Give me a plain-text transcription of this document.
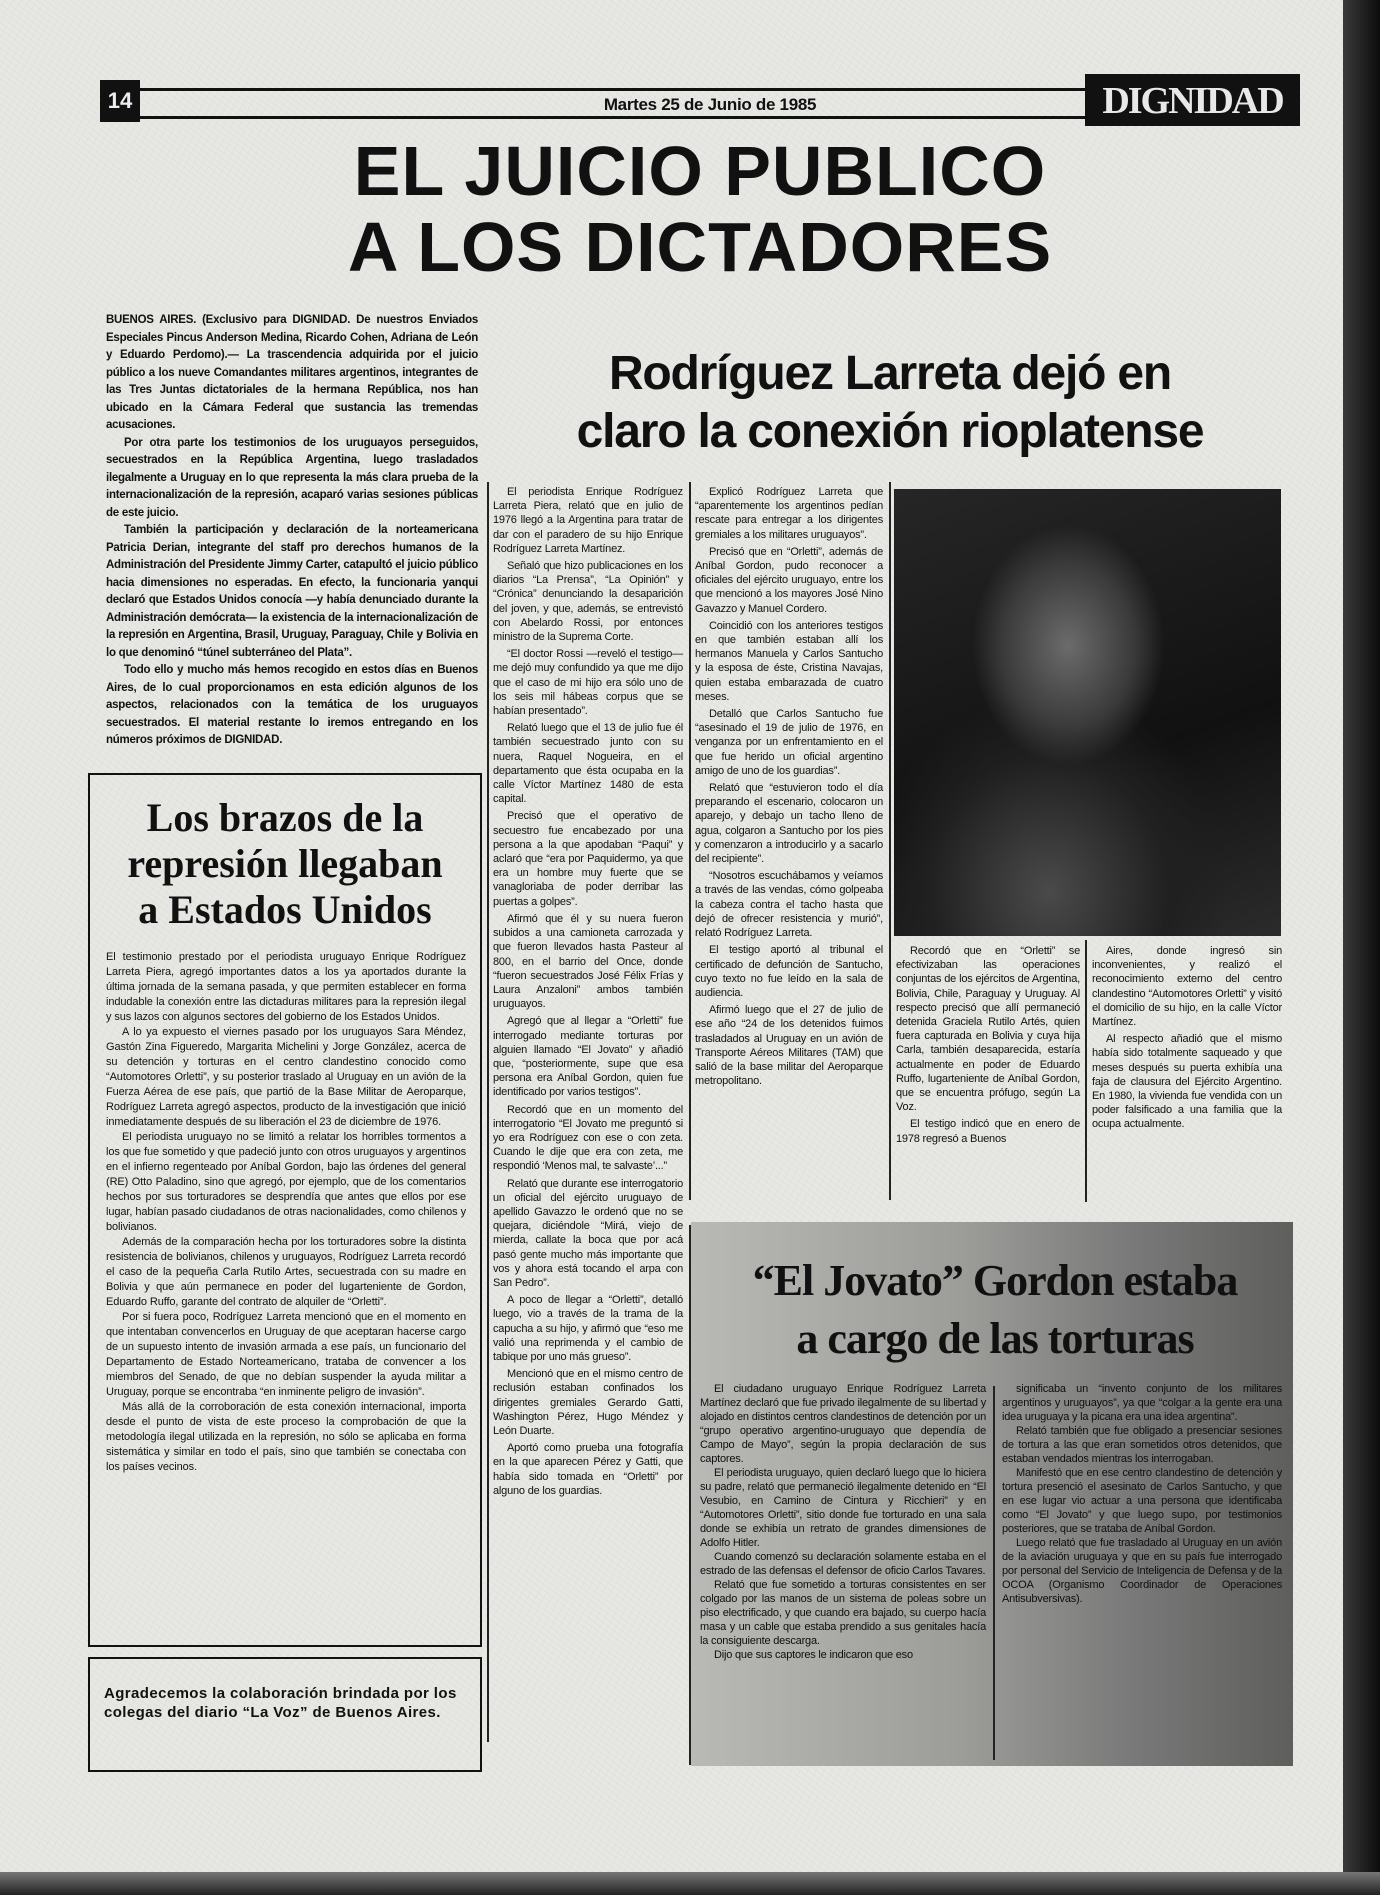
14	Martes 25 de Junio de 1985	DIGNIDAD
EL JUICIO PUBLICO
A LOS DICTADORES

BUENOS AIRES. (Exclusivo para DIGNIDAD. De nuestros Enviados Especiales Pincus Anderson Medina, Ricardo Cohen, Adriana de León y Eduardo Perdomo).— La trascendencia adquirida por el juicio público a los nueve Comandantes militares argentinos, integrantes de las Tres Juntas dictatoriales de la hermana República, nos han ubicado en la Cámara Federal que sustancia las tremendas acusaciones.

Por otra parte los testimonios de los uruguayos perseguidos, secuestrados en la República Argentina, luego trasladados ilegalmente a Uruguay en lo que representa la más clara prueba de la internacionalización de la represión, acaparó varias sesiones públicas de este juicio.

También la participación y declaración de la norteamericana Patricia Derian, integrante del staff pro derechos humanos de la Administración del Presidente Jimmy Carter, catapultó el juicio público hacia dimensiones no esperadas. En efecto, la funcionaria yanqui declaró que Estados Unidos conocía —y había denunciado durante la Administración demócrata— la existencia de la internacionalización de la represión en Argentina, Brasil, Uruguay, Paraguay, Chile y Bolivia en lo que denominó “túnel subterráneo del Plata”.

Todo ello y mucho más hemos recogido en estos días en Buenos Aires, de lo cual proporcionamos en esta edición algunos de los aspectos, relacionados con la temática de los uruguayos secuestrados. El material restante lo iremos entregando en los números próximos de DIGNIDAD.

Los brazos de la
represión llegaban
a Estados Unidos

El testimonio prestado por el periodista uruguayo Enrique Rodríguez Larreta Piera, agregó importantes datos a los ya aportados durante la última jornada de la semana pasada, y que permiten establecer en forma indudable la conexión entre las dictaduras militares para la represión ilegal y sus lazos con algunos sectores del gobierno de los Estados Unidos.

A lo ya expuesto el viernes pasado por los uruguayos Sara Méndez, Gastón Zina Figueredo, Margarita Michelini y Jorge González, acerca de su detención y torturas en el centro clandestino conocido como “Automotores Orletti”, y su posterior traslado al Uruguay en un avión de la Fuerza Aérea de ese país, que partió de la Base Militar de Aeroparque, Rodríguez Larreta agregó aspectos, producto de la investigación que inició inmediatamente después de su liberación el 23 de diciembre de 1976.

El periodista uruguayo no se limitó a relatar los horribles tormentos a los que fue sometido y que padeció junto con otros uruguayos y argentinos en el infierno regenteado por Aníbal Gordon, bajo las órdenes del general (RE) Otto Paladino, sino que agregó, por ejemplo, que de los comentarios hechos por sus torturadores se desprendía que antes que ellos por ese lugar, habían pasado ciudadanos de otras nacionalidades, como chilenos y bolivianos.

Además de la comparación hecha por los torturadores sobre la distinta resistencia de bolivianos, chilenos y uruguayos, Rodríguez Larreta recordó el caso de la pequeña Carla Rutilo Artes, secuestrada con su madre en Bolivia y que aún permanece en poder del lugarteniente de Gordon, Eduardo Ruffo, garante del contrato de alquiler de “Orletti”.

Por si fuera poco, Rodríguez Larreta mencionó que en el momento en que intentaban convencerlos en Uruguay de que aceptaran hacerse cargo de un supuesto intento de invasión armada a ese país, un funcionario del Departamento de Estado Norteamericano, trataba de convencer a los miembros del Senado, de que no debían suspender la ayuda militar a Uruguay, porque se encontraba “en inminente peligro de invasión”.

Más allá de la corroboración de esta conexión internacional, importa desde el punto de vista de este proceso la comprobación de que la metodología ilegal utilizada en la represión, no sólo se aplicaba en forma sistemática y similar en todo el país, sino que también se conectaba con los países vecinos.

Agradecemos la colaboración brindada por los colegas del diario “La Voz” de Buenos Aires.
Rodríguez Larreta dejó en
claro la conexión rioplatense

El periodista Enrique Rodríguez Larreta Piera, relató que en julio de 1976 llegó a la Argentina para tratar de dar con el paradero de su hijo Enrique Rodríguez Larreta Martínez.

Señaló que hizo publicaciones en los diarios “La Prensa”, “La Opinión” y “Crónica” denunciando la desaparición del joven, y que, además, se entrevistó con Abelardo Rossi, por entonces ministro de la Suprema Corte.

“El doctor Rossi —reveló el testigo— me dejó muy confundido ya que me dijo que el caso de mi hijo era sólo uno de los seis mil hábeas corpus que se habían presentado”.

Relató luego que el 13 de julio fue él también secuestrado junto con su nuera, Raquel Nogueira, en el departamento que ésta ocupaba en la calle Víctor Martínez 1480 de esta capital.

Precisó que el operativo de secuestro fue encabezado por una persona a la que apodaban “Paqui” y aclaró que “era por Paquidermo, ya que era un hombre muy fuerte que se vanagloriaba de poder derribar las puertas a golpes”.

Afirmó que él y su nuera fueron subidos a una camioneta carrozada y que fueron llevados hasta Pasteur al 800, en el barrio del Once, donde “fueron secuestrados José Félix Frías y Laura Anzaloni” ambos también uruguayos.

Agregó que al llegar a “Orletti” fue interrogado mediante torturas por alguien llamado “El Jovato” y añadió que, “posteriormente, supe que esa persona era Aníbal Gordon, quien fue identificado por varios testigos”.

Recordó que en un momento del interrogatorio “El Jovato me preguntó si yo era Rodríguez con ese o con zeta. Cuando le dije que era con zeta, me respondió ‘Menos mal, te salvaste’...”

Relató que durante ese interrogatorio un oficial del ejército uruguayo de apellido Gavazzo le ordenó que no se quejara, diciéndole “Mirá, viejo de mierda, callate la boca que por acá pasó gente mucho más importante que vos y ahora está tocando el arpa con San Pedro”.

A poco de llegar a “Orletti”, detalló luego, vio a través de la trama de la capucha a su hijo, y afirmó que “eso me valió una reprimenda y el cambio de tabique por uno más grueso”.

Mencionó que en el mismo centro de reclusión estaban confinados los dirigentes gremiales Gerardo Gatti, Washington Pérez, Hugo Méndez y León Duarte.

Aportó como prueba una fotografía en la que aparecen Pérez y Gatti, que había sido tomada en “Orletti” por alguno de los guardias.

Explicó Rodríguez Larreta que “aparentemente los argentinos pedían rescate para entregar a los dirigentes gremiales a los militares uruguayos”.

Precisó que en “Orletti”, además de Aníbal Gordon, pudo reconocer a oficiales del ejército uruguayo, entre los que mencionó a los mayores José Nino Gavazzo y Manuel Cordero.

Coincidió con los anteriores testigos en que también estaban allí los hermanos Manuela y Carlos Santucho y la esposa de éste, Cristina Navajas, quien estaba embarazada de cuatro meses.

Detalló que Carlos Santucho fue “asesinado el 19 de julio de 1976, en venganza por un enfrentamiento en el que fue herido un oficial argentino amigo de uno de los guardias”.

Relató que “estuvieron todo el día preparando el escenario, colocaron un aparejo, y debajo un tacho lleno de agua, colgaron a Santucho por los pies y comenzaron a introducirlo y a sacarlo del recipiente”.

“Nosotros escuchábamos y veíamos a través de las vendas, cómo golpeaba la cabeza contra el tacho hasta que dejó de ofrecer resistencia y murió”, relató Rodríguez Larreta.

El testigo aportó al tribunal el certificado de defunción de Santucho, cuyo texto no fue leído en la sala de audiencia.

Afirmó luego que el 27 de julio de ese año “24 de los detenidos fuimos trasladados al Uruguay en un avión de Transporte Aéreos Militares (TAM) que salió de la base militar del Aeroparque metropolitano.

Recordó que en “Orletti” se efectivizaban las operaciones conjuntas de los ejércitos de Argentina, Bolivia, Chile, Paraguay y Uruguay. Al respecto precisó que allí permaneció detenida Graciela Rutilo Artés, quien fuera capturada en Bolivia y cuya hija Carla, también desaparecida, estaría actualmente en poder de Eduardo Ruffo, lugarteniente de Aníbal Gordon, que se encuentra prófugo, según La Voz.

El testigo indicó que en enero de 1978 regresó a Buenos

Aires, donde ingresó sin inconvenientes, y realizó el reconocimiento externo del centro clandestino “Automotores Orletti” y visitó el domicilio de su hijo, en la calle Víctor Martínez.

Al respecto añadió que el mismo había sido totalmente saqueado y que meses después su puerta exhibía una faja de clausura del Ejército Argentino. En 1980, la vivienda fue vendida con un poder falsificado a una familia que la ocupa actualmente.

“El Jovato” Gordon estaba
a cargo de las torturas

El ciudadano uruguayo Enrique Rodríguez Larreta Martínez declaró que fue privado ilegalmente de su libertad y alojado en distintos centros clandestinos de detención por un “grupo operativo argentino-uruguayo que dependía de Campo de Mayo”, según la propia declaración de sus captores.

El periodista uruguayo, quien declaró luego que lo hiciera su padre, relató que permaneció ilegalmente detenido en “El Vesubio, en Camino de Cintura y Ricchieri” y en “Automotores Orletti”, sitio donde fue torturado en una sala donde se exhibía un retrato de grandes dimensiones de Adolfo Hitler.

Cuando comenzó su declaración solamente estaba en el estrado de las defensas el defensor de oficio Carlos Tavares.

Relató que fue sometido a torturas consistentes en ser colgado por las manos de un sistema de poleas sobre un piso electrificado, y que cuando era bajado, su cuerpo hacía masa y un cable que estaba prendido a sus genitales hacía la consiguiente descarga.

Dijo que sus captores le indicaron que eso

significaba un “invento conjunto de los militares argentinos y uruguayos”, ya que “colgar a la gente era una idea uruguaya y la picana era una idea argentina”.

Relató también que fue obligado a presenciar sesiones de tortura a las que eran sometidos otros detenidos, que estaban vendados mientras los interrogaban.

Manifestó que en ese centro clandestino de detención y tortura presenció el asesinato de Carlos Santucho, y que en ese lugar vio actuar a una persona que identificaba como “El Jovato” y que luego supo, por testimonios posteriores, que se trataba de Aníbal Gordon.

Luego relató que fue trasladado al Uruguay en un avión de la aviación uruguaya y que en su país fue interrogado por personal del Servicio de Inteligencia de Defensa y de la OCOA (Organismo Coordinador de Operaciones Antisubversivas).
